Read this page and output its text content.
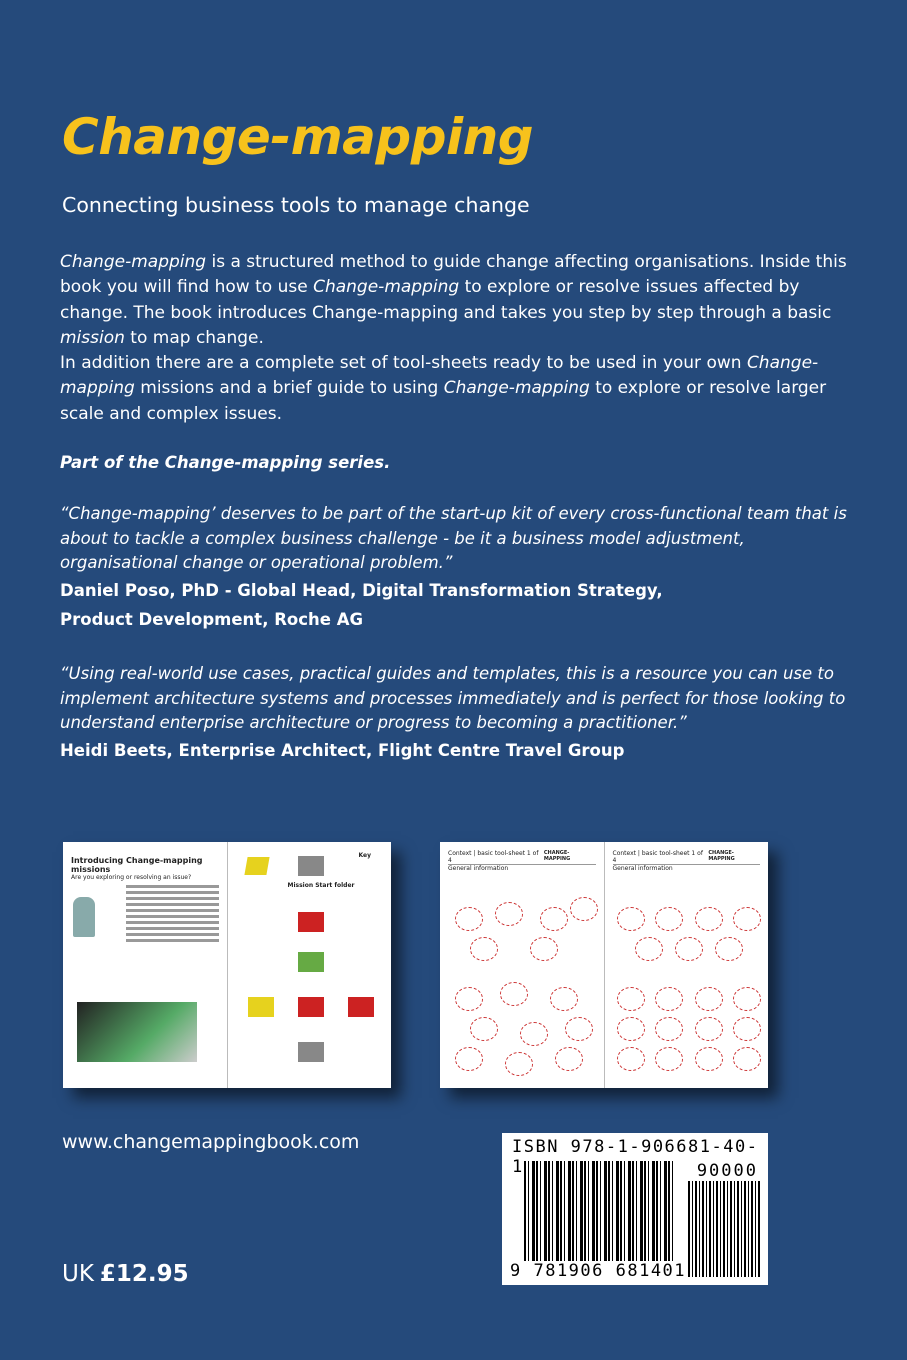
Change-mapping
Connecting business tools to manage change
Change-mapping is a structured method to guide change affecting organisations. Inside this book you will find how to use Change-mapping to explore or resolve issues affected by change. The book introduces Change-mapping and takes you step by step through a basic mission to map change.
In addition there are a complete set of tool-sheets ready to be used in your own Change-mapping missions and a brief guide to using Change-mapping to explore or resolve larger scale and complex issues.
Part of the Change-mapping series.
“Change-mapping’ deserves to be part of the start-up kit of every cross-functional team that is about to tackle a complex business challenge - be it a business model adjustment, organisational change or operational problem.”
Daniel Poso, PhD - Global Head, Digital Transformation Strategy,
Product Development, Roche AG
“Using real-world use cases, practical guides and templates, this is a resource you can use to implement architecture systems and processes immediately and is perfect for those looking to understand enterprise architecture or progress to becoming a practitioner.”
Heidi Beets, Enterprise Architect, Flight Centre Travel Group
Introducing Change-mapping missions
Are you exploring or resolving an issue?
Key
Mission Start folder
Context | basic tool-sheet 1 of 4
CHANGE-MAPPING
General information
Context | basic tool-sheet 1 of 4
CHANGE-MAPPING
General information
www.changemappingbook.com
UK £12.95
ISBN 978-1-906681-40-1	90000
9 781906 681401
